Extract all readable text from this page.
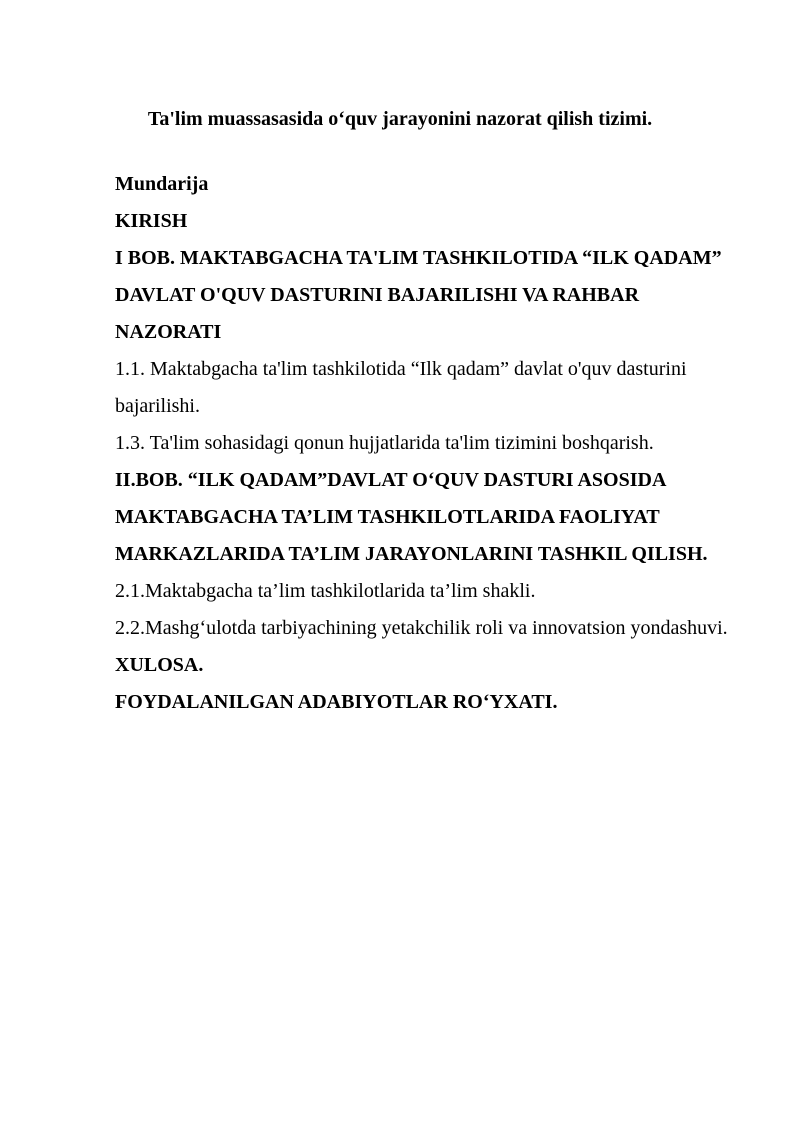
Ta'lim muassasasida o‘quv jarayonini nazorat qilish tizimi.

Mundarija

KIRISH

I BOB. MAKTABGACHA TA'LIM TASHKILOTIDA “ILK QADAM” DAVLAT O'QUV DASTURINI BAJARILISHI VA RAHBAR NAZORATI

1.1. Maktabgacha ta'lim tashkilotida “Ilk qadam” davlat o'quv dasturini bajarilishi.

1.3. Ta'lim sohasidagi qonun hujjatlarida ta'lim tizimini boshqarish.

II.BOB. “ILK QADAM”DAVLAT O‘QUV DASTURI ASOSIDA MAKTABGACHA TA’LIM TASHKILOTLARIDA FAOLIYAT MARKAZLARIDA TA’LIM JARAYONLARINI TASHKIL QILISH.

2.1.Maktabgacha ta’lim tashkilotlarida ta’lim shakli.

2.2.Mashg‘ulotda tarbiyachining yetakchilik roli va innovatsion yondashuvi.

XULOSA.

FOYDALANILGAN ADABIYOTLAR RO‘YXATI.
